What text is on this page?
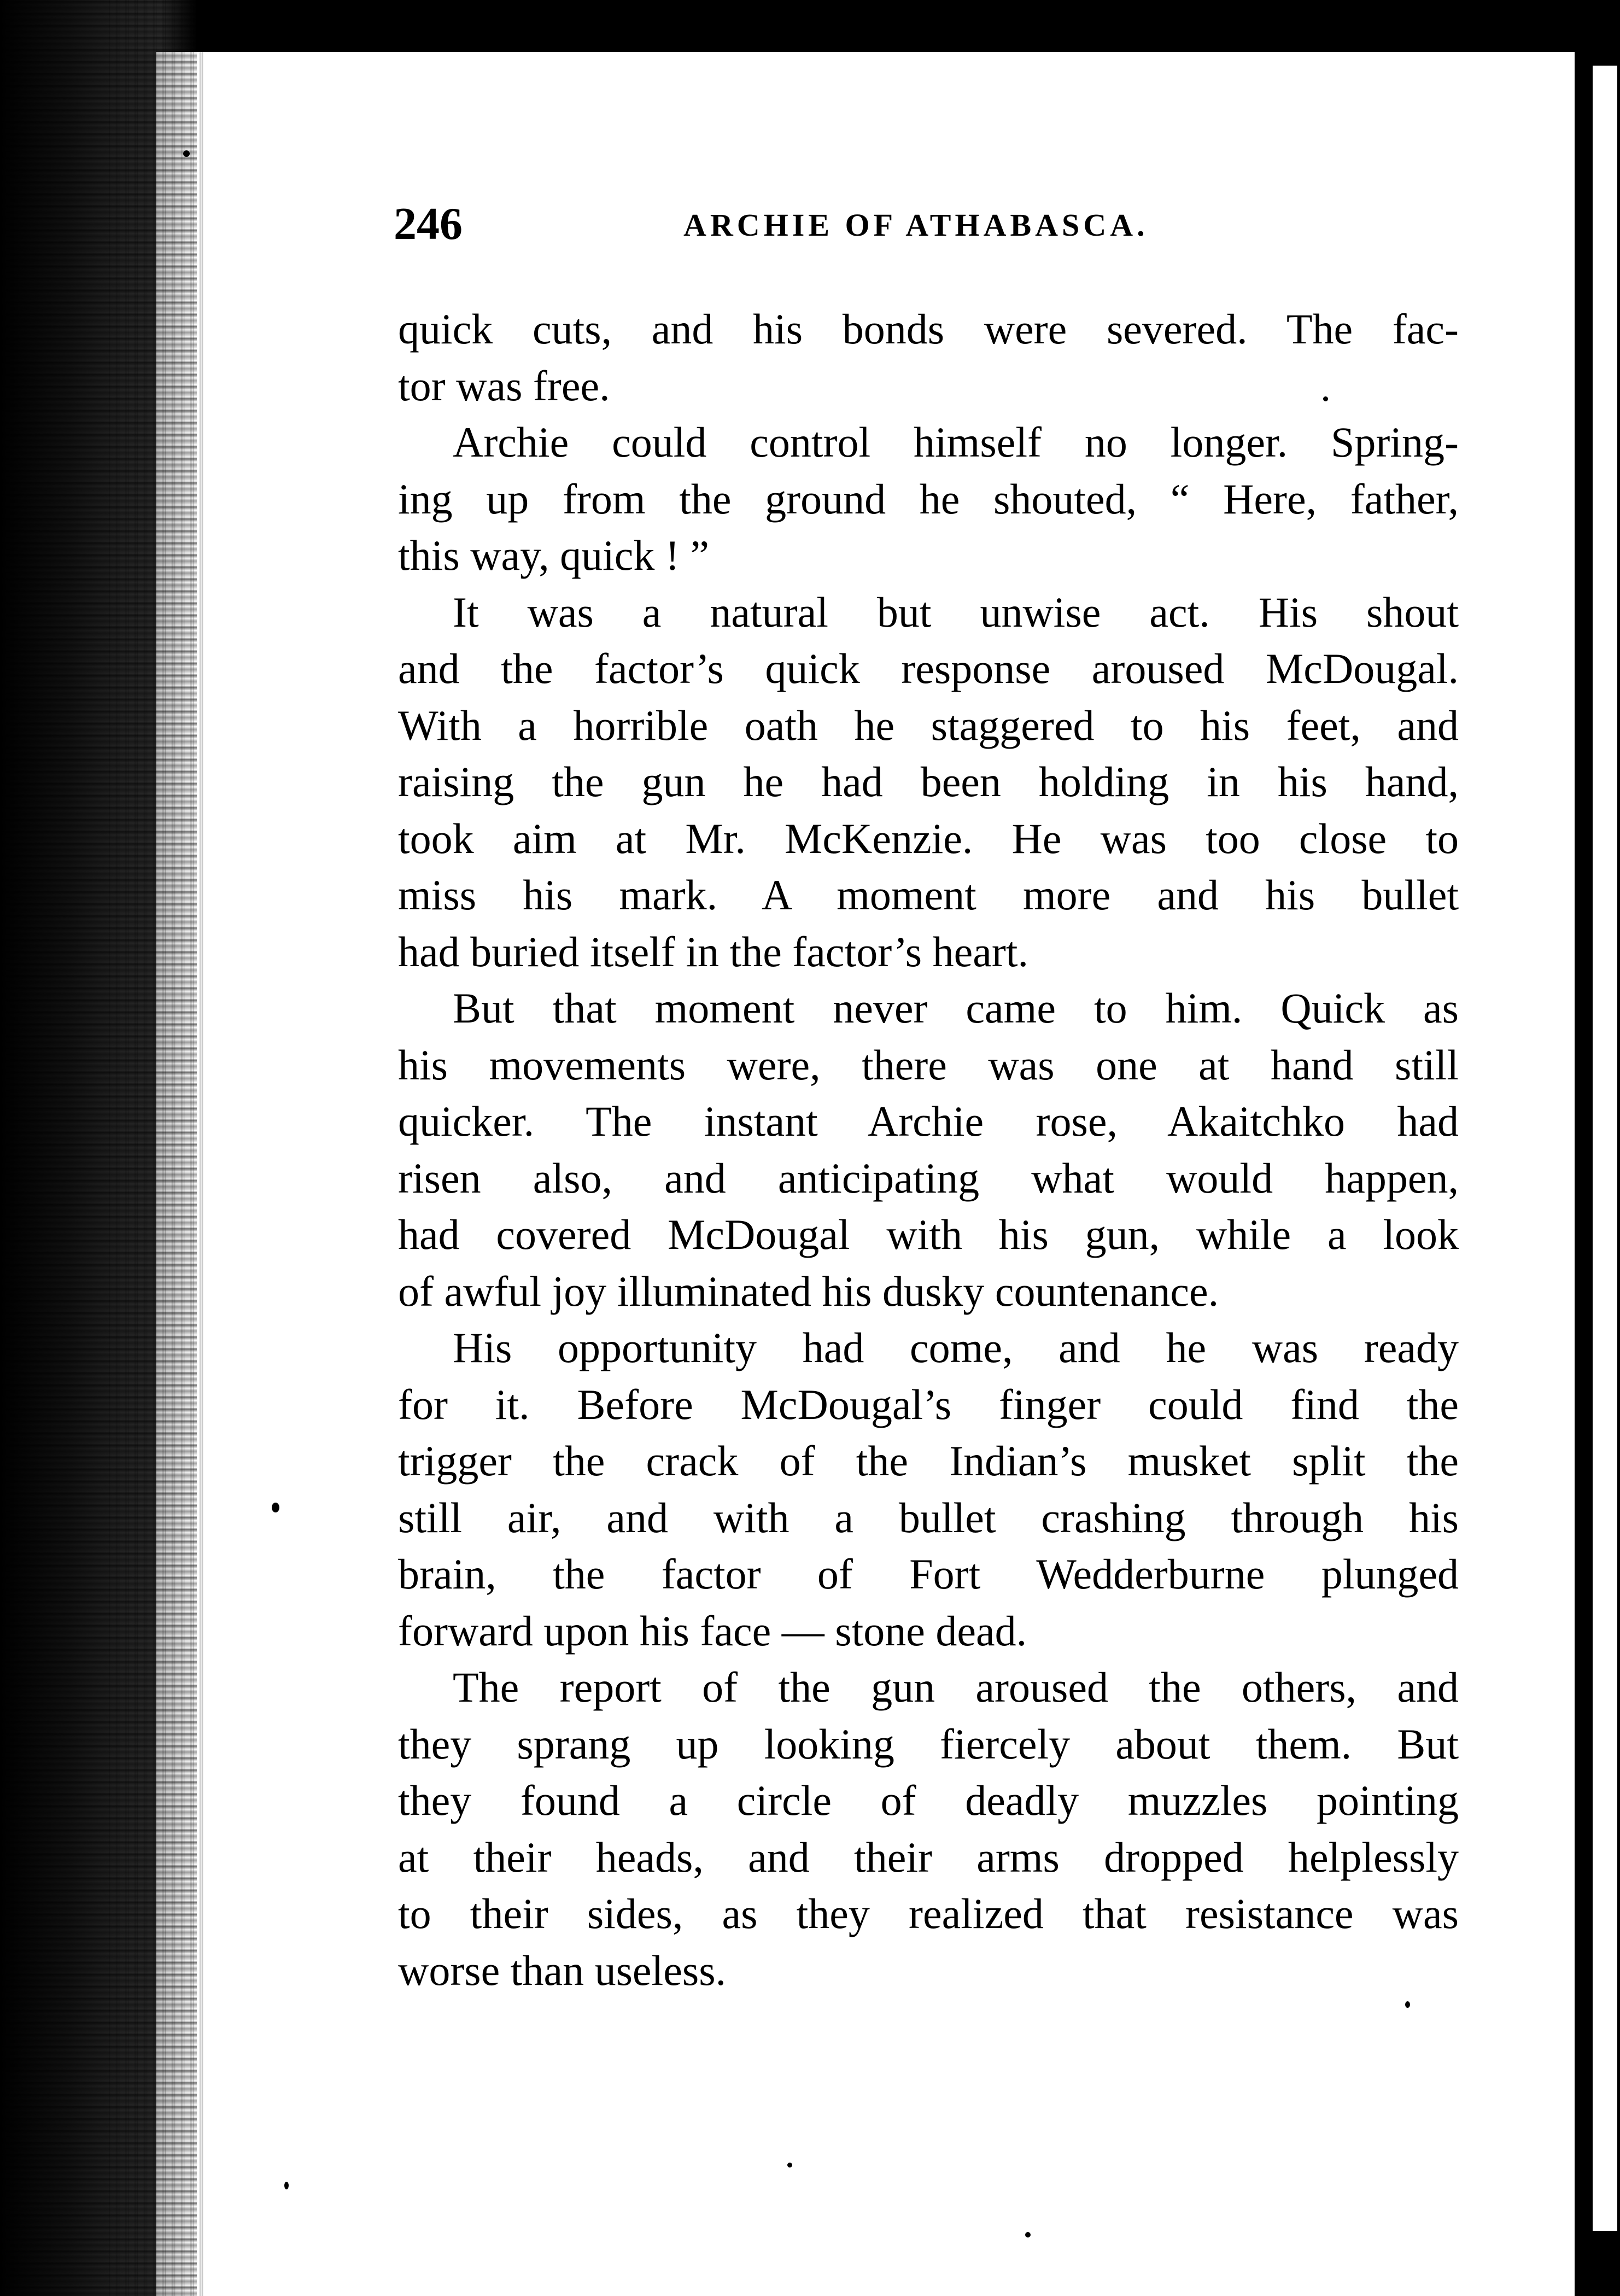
246	ARCHIE OF ATHABASCA.
quick cuts, and his bonds were severed. The fac-
tor was free.
Archie could control himself no longer. Spring-
ing up from the ground he shouted, “ Here, father,
this way, quick ! ”
It was a natural but unwise act. His shout
and the factor’s quick response aroused McDougal.
With a horrible oath he staggered to his feet, and
raising the gun he had been holding in his hand,
took aim at Mr. McKenzie. He was too close to
miss his mark. A moment more and his bullet
had buried itself in the factor’s heart.
But that moment never came to him. Quick as
his movements were, there was one at hand still
quicker. The instant Archie rose, Akaitchko had
risen also, and anticipating what would happen,
had covered McDougal with his gun, while a look
of awful joy illuminated his dusky countenance.
His opportunity had come, and he was ready
for it. Before McDougal’s finger could find the
trigger the crack of the Indian’s musket split the
still air, and with a bullet crashing through his
brain, the factor of Fort Wedderburne plunged
forward upon his face — stone dead.
The report of the gun aroused the others, and
they sprang up looking fiercely about them. But
they found a circle of deadly muzzles pointing
at their heads, and their arms dropped helplessly
to their sides, as they realized that resistance was
worse than useless.
